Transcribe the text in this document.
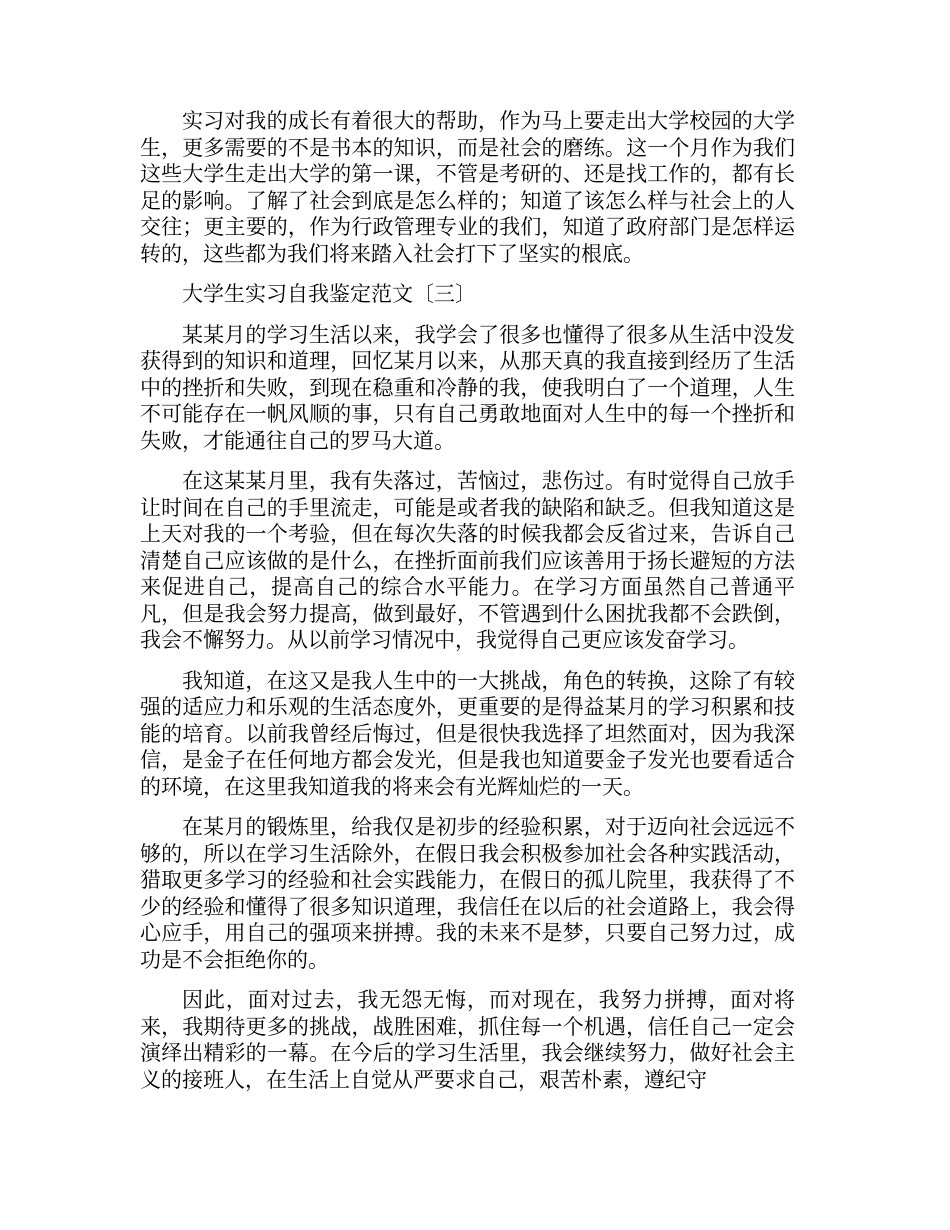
实习对我的成长有着很大的帮助，作为马上要走出大学校园的大学生，更多需要的不是书本的知识，而是社会的磨练。这一个月作为我们这些大学生走出大学的第一课，不管是考研的、还是找工作的，都有长足的影响。了解了社会到底是怎么样的；知道了该怎么样与社会上的人交往；更主要的，作为行政管理专业的我们，知道了政府部门是怎样运转的，这些都为我们将来踏入社会打下了坚实的根底。

大学生实习自我鉴定范文〔三〕

某某月的学习生活以来，我学会了很多也懂得了很多从生活中没发获得到的知识和道理，回忆某月以来，从那天真的我直接到经历了生活中的挫折和失败，到现在稳重和冷静的我，使我明白了一个道理，人生不可能存在一帆风顺的事，只有自己勇敢地面对人生中的每一个挫折和失败，才能通往自己的罗马大道。

在这某某月里，我有失落过，苦恼过，悲伤过。有时觉得自己放手让时间在自己的手里流走，可能是或者我的缺陷和缺乏。但我知道这是上天对我的一个考验，但在每次失落的时候我都会反省过来，告诉自己清楚自己应该做的是什么，在挫折面前我们应该善用于扬长避短的方法来促进自己，提高自己的综合水平能力。在学习方面虽然自己普通平凡，但是我会努力提高，做到最好，不管遇到什么困扰我都不会跌倒，我会不懈努力。从以前学习情况中，我觉得自己更应该发奋学习。

我知道，在这又是我人生中的一大挑战，角色的转换，这除了有较强的适应力和乐观的生活态度外，更重要的是得益某月的学习积累和技能的培育。以前我曾经后悔过，但是很快我选择了坦然面对，因为我深信，是金子在任何地方都会发光，但是我也知道要金子发光也要看适合的环境，在这里我知道我的将来会有光辉灿烂的一天。

在某月的锻炼里，给我仅是初步的经验积累，对于迈向社会远远不够的，所以在学习生活除外，在假日我会积极参加社会各种实践活动，猎取更多学习的经验和社会实践能力，在假日的孤儿院里，我获得了不少的经验和懂得了很多知识道理，我信任在以后的社会道路上，我会得心应手，用自己的强项来拼搏。我的未来不是梦，只要自己努力过，成功是不会拒绝你的。

因此，面对过去，我无怨无悔，而对现在，我努力拼搏，面对将来，我期待更多的挑战，战胜困难，抓住每一个机遇，信任自己一定会演绎出精彩的一幕。在今后的学习生活里，我会继续努力，做好社会主义的接班人，在生活上自觉从严要求自己，艰苦朴素，遵纪守
